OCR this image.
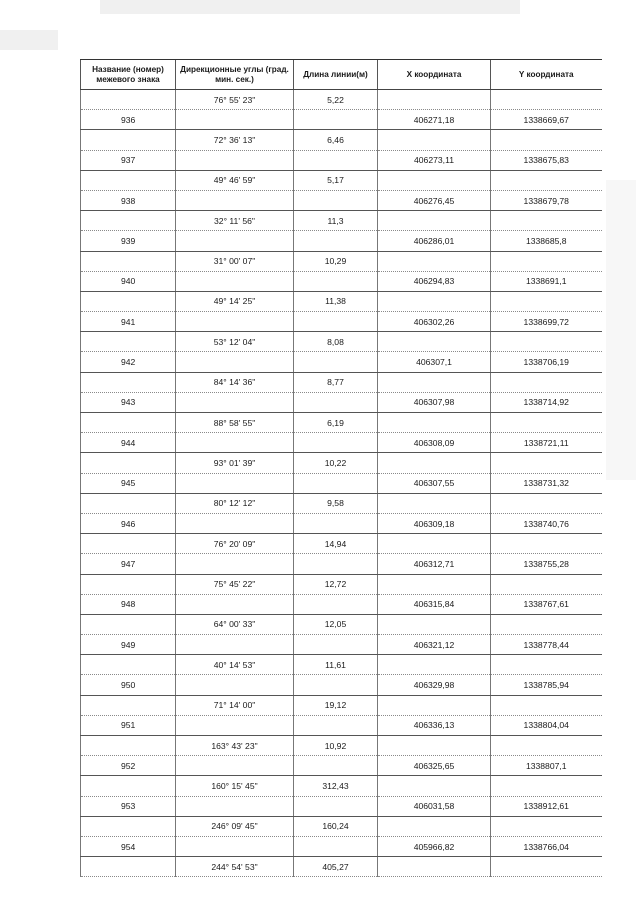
Название (номер) межевого знака	Дирекционные углы (град. мин. сек.)	Длина линии(м)	X координата	Y координата
	76° 55' 23"	5,22		
936			406271,18	1338669,67
	72° 36' 13"	6,46		
937			406273,11	1338675,83
	49° 46' 59"	5,17		
938			406276,45	1338679,78
	32° 11' 56"	11,3		
939			406286,01	1338685,8
	31° 00' 07"	10,29		
940			406294,83	1338691,1
	49° 14' 25"	11,38		
941			406302,26	1338699,72
	53° 12' 04"	8,08		
942			406307,1	1338706,19
	84° 14' 36"	8,77		
943			406307,98	1338714,92
	88° 58' 55"	6,19		
944			406308,09	1338721,11
	93° 01' 39"	10,22		
945			406307,55	1338731,32
	80° 12' 12"	9,58		
946			406309,18	1338740,76
	76° 20' 09"	14,94		
947			406312,71	1338755,28
	75° 45' 22"	12,72		
948			406315,84	1338767,61
	64° 00' 33"	12,05		
949			406321,12	1338778,44
	40° 14' 53"	11,61		
950			406329,98	1338785,94
	71° 14' 00"	19,12		
951			406336,13	1338804,04
	163° 43' 23"	10,92		
952			406325,65	1338807,1
	160° 15' 45"	312,43		
953			406031,58	1338912,61
	246° 09' 45"	160,24		
954			405966,82	1338766,04
	244° 54' 53"	405,27		
